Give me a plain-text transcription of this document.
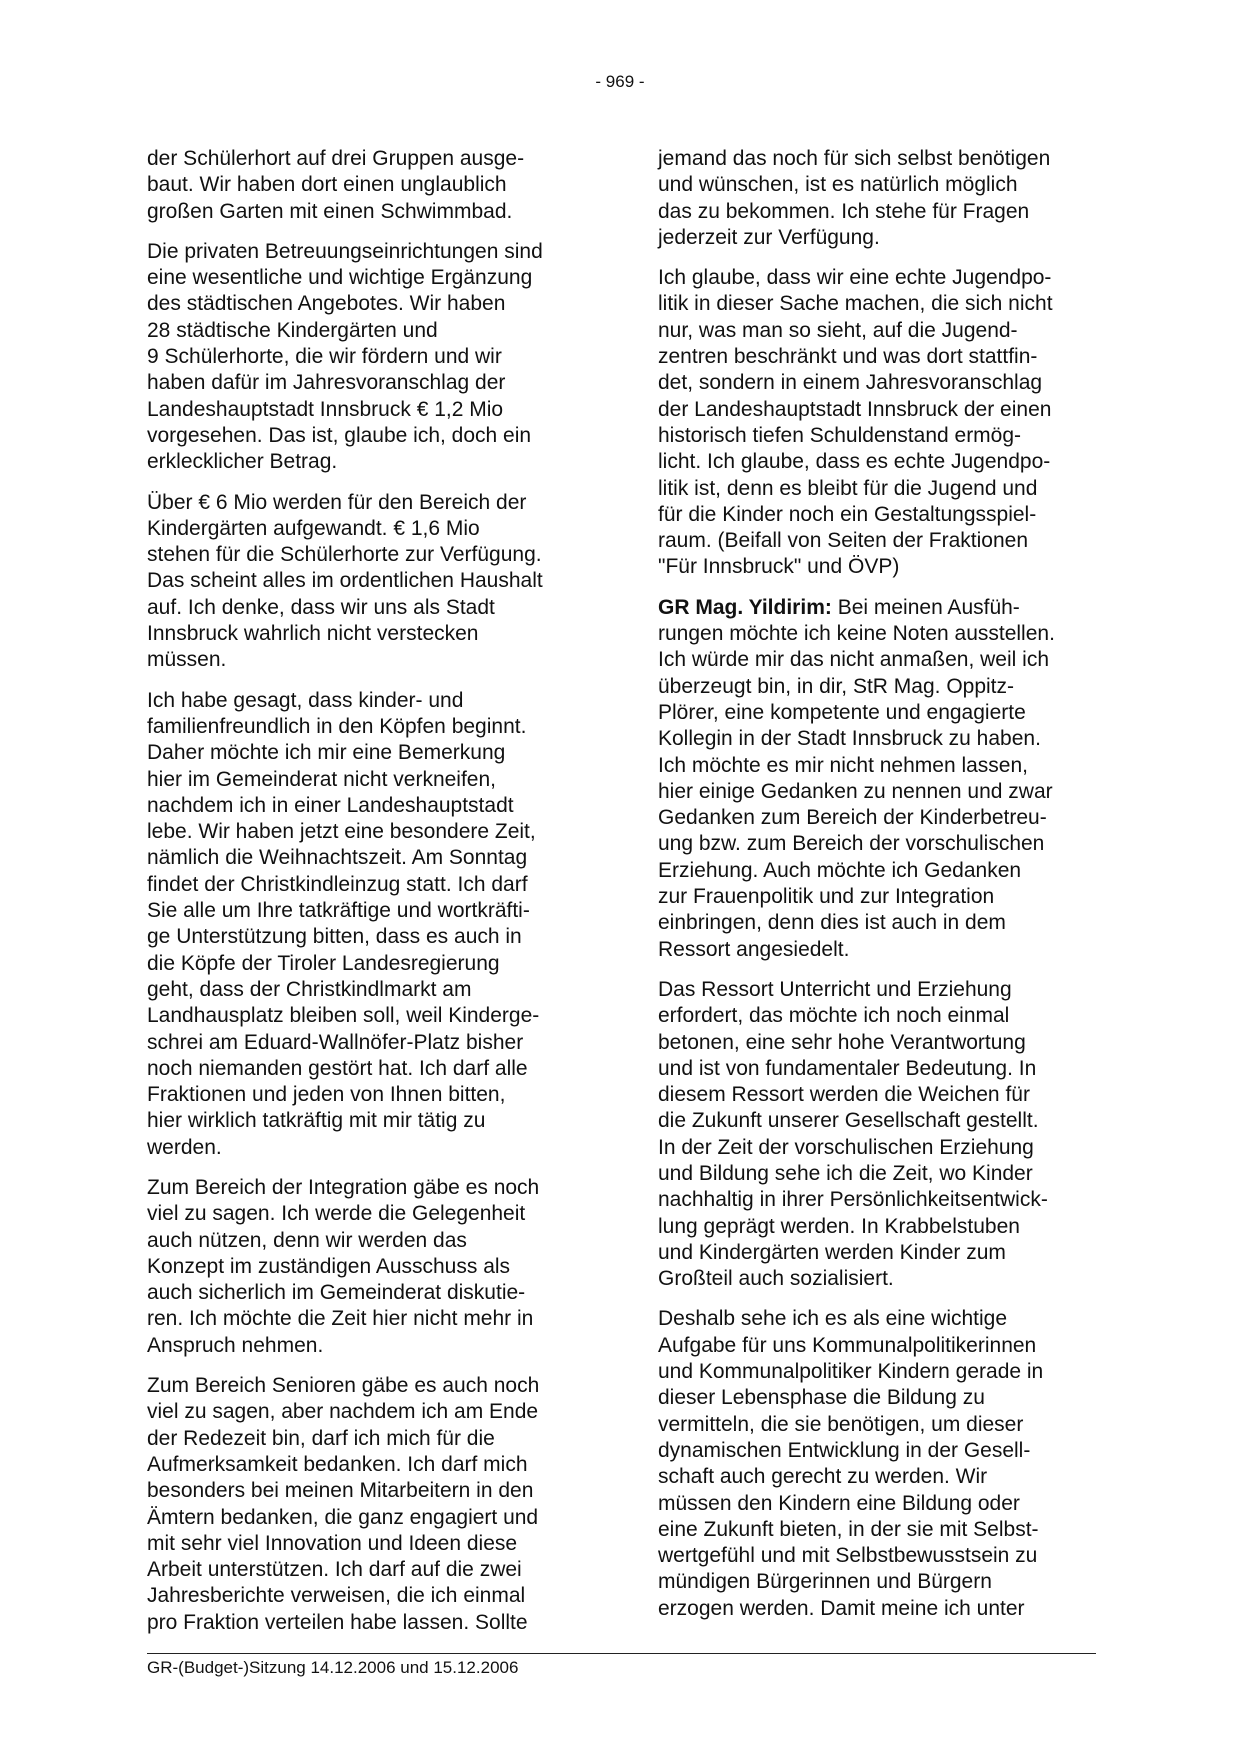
- 969 -

der Schülerhort auf drei Gruppen ausge-
baut. Wir haben dort einen unglaublich
großen Garten mit einen Schwimmbad.

Die privaten Betreuungseinrichtungen sind
eine wesentliche und wichtige Ergänzung
des städtischen Angebotes. Wir haben
28 städtische Kindergärten und
9 Schülerhorte, die wir fördern und wir
haben dafür im Jahresvoranschlag der
Landeshauptstadt Innsbruck € 1,2 Mio
vorgesehen. Das ist, glaube ich, doch ein
erklecklicher Betrag.

Über € 6 Mio werden für den Bereich der
Kindergärten aufgewandt. € 1,6 Mio
stehen für die Schülerhorte zur Verfügung.
Das scheint alles im ordentlichen Haushalt
auf. Ich denke, dass wir uns als Stadt
Innsbruck wahrlich nicht verstecken
müssen.

Ich habe gesagt, dass kinder- und
familienfreundlich in den Köpfen beginnt.
Daher möchte ich mir eine Bemerkung
hier im Gemeinderat nicht verkneifen,
nachdem ich in einer Landeshauptstadt
lebe. Wir haben jetzt eine besondere Zeit,
nämlich die Weihnachtszeit. Am Sonntag
findet der Christkindleinzug statt. Ich darf
Sie alle um Ihre tatkräftige und wortkräfti-
ge Unterstützung bitten, dass es auch in
die Köpfe der Tiroler Landesregierung
geht, dass der Christkindlmarkt am
Landhausplatz bleiben soll, weil Kinderge-
schrei am Eduard-Wallnöfer-Platz bisher
noch niemanden gestört hat. Ich darf alle
Fraktionen und jeden von Ihnen bitten,
hier wirklich tatkräftig mit mir tätig zu
werden.

Zum Bereich der Integration gäbe es noch
viel zu sagen. Ich werde die Gelegenheit
auch nützen, denn wir werden das
Konzept im zuständigen Ausschuss als
auch sicherlich im Gemeinderat diskutie-
ren. Ich möchte die Zeit hier nicht mehr in
Anspruch nehmen.

Zum Bereich Senioren gäbe es auch noch
viel zu sagen, aber nachdem ich am Ende
der Redezeit bin, darf ich mich für die
Aufmerksamkeit bedanken. Ich darf mich
besonders bei meinen Mitarbeitern in den
Ämtern bedanken, die ganz engagiert und
mit sehr viel Innovation und Ideen diese
Arbeit unterstützen. Ich darf auf die zwei
Jahresberichte verweisen, die ich einmal
pro Fraktion verteilen habe lassen. Sollte

jemand das noch für sich selbst benötigen
und wünschen, ist es natürlich möglich
das zu bekommen. Ich stehe für Fragen
jederzeit zur Verfügung.

Ich glaube, dass wir eine echte Jugendpo-
litik in dieser Sache machen, die sich nicht
nur, was man so sieht, auf die Jugend-
zentren beschränkt und was dort stattfin-
det, sondern in einem Jahresvoranschlag
der Landeshauptstadt Innsbruck der einen
historisch tiefen Schuldenstand ermög-
licht. Ich glaube, dass es echte Jugendpo-
litik ist, denn es bleibt für die Jugend und
für die Kinder noch ein Gestaltungsspiel-
raum. (Beifall von Seiten der Fraktionen
"Für Innsbruck" und ÖVP)

GR Mag. Yildirim: Bei meinen Ausfüh-
rungen möchte ich keine Noten ausstellen.
Ich würde mir das nicht anmaßen, weil ich
überzeugt bin, in dir, StR Mag. Oppitz-
Plörer, eine kompetente und engagierte
Kollegin in der Stadt Innsbruck zu haben.
Ich möchte es mir nicht nehmen lassen,
hier einige Gedanken zu nennen und zwar
Gedanken zum Bereich der Kinderbetreu-
ung bzw. zum Bereich der vorschulischen
Erziehung. Auch möchte ich Gedanken
zur Frauenpolitik und zur Integration
einbringen, denn dies ist auch in dem
Ressort angesiedelt.

Das Ressort Unterricht und Erziehung
erfordert, das möchte ich noch einmal
betonen, eine sehr hohe Verantwortung
und ist von fundamentaler Bedeutung. In
diesem Ressort werden die Weichen für
die Zukunft unserer Gesellschaft gestellt.
In der Zeit der vorschulischen Erziehung
und Bildung sehe ich die Zeit, wo Kinder
nachhaltig in ihrer Persönlichkeitsentwick-
lung geprägt werden. In Krabbelstuben
und Kindergärten werden Kinder zum
Großteil auch sozialisiert.

Deshalb sehe ich es als eine wichtige
Aufgabe für uns Kommunalpolitikerinnen
und Kommunalpolitiker Kindern gerade in
dieser Lebensphase die Bildung zu
vermitteln, die sie benötigen, um dieser
dynamischen Entwicklung in der Gesell-
schaft auch gerecht zu werden. Wir
müssen den Kindern eine Bildung oder
eine Zukunft bieten, in der sie mit Selbst-
wertgefühl und mit Selbstbewusstsein zu
mündigen Bürgerinnen und Bürgern
erzogen werden. Damit meine ich unter

GR-(Budget-)Sitzung 14.12.2006 und 15.12.2006
